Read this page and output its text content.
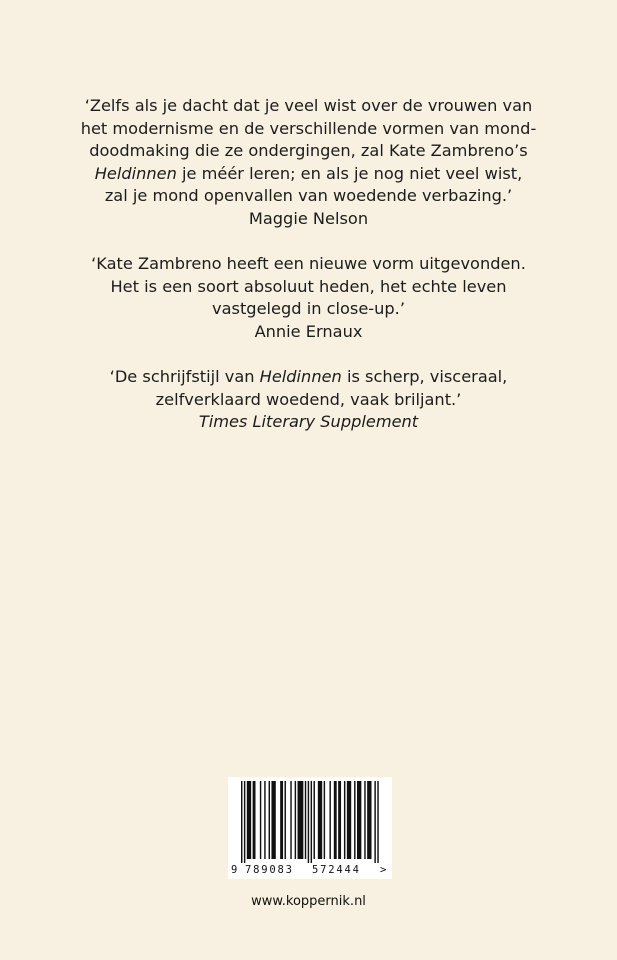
‘Zelfs als je dacht dat je veel wist over de vrouwen van
het modernisme en de verschillende vormen van mond-
doodmaking die ze ondergingen, zal Kate Zambreno’s
Heldinnen je méér leren; en als je nog niet veel wist,
zal je mond openvallen van woedende verbazing.’
Maggie Nelson
‘Kate Zambreno heeft een nieuwe vorm uitgevonden.
Het is een soort absoluut heden, het echte leven
vastgelegd in close-up.’
Annie Ernaux
‘De schrijfstijl van Heldinnen is scherp, visceraal,
zelfverklaard woedend, vaak briljant.’
Times Literary Supplement
9 789083 572444 >
www.koppernik.nl
